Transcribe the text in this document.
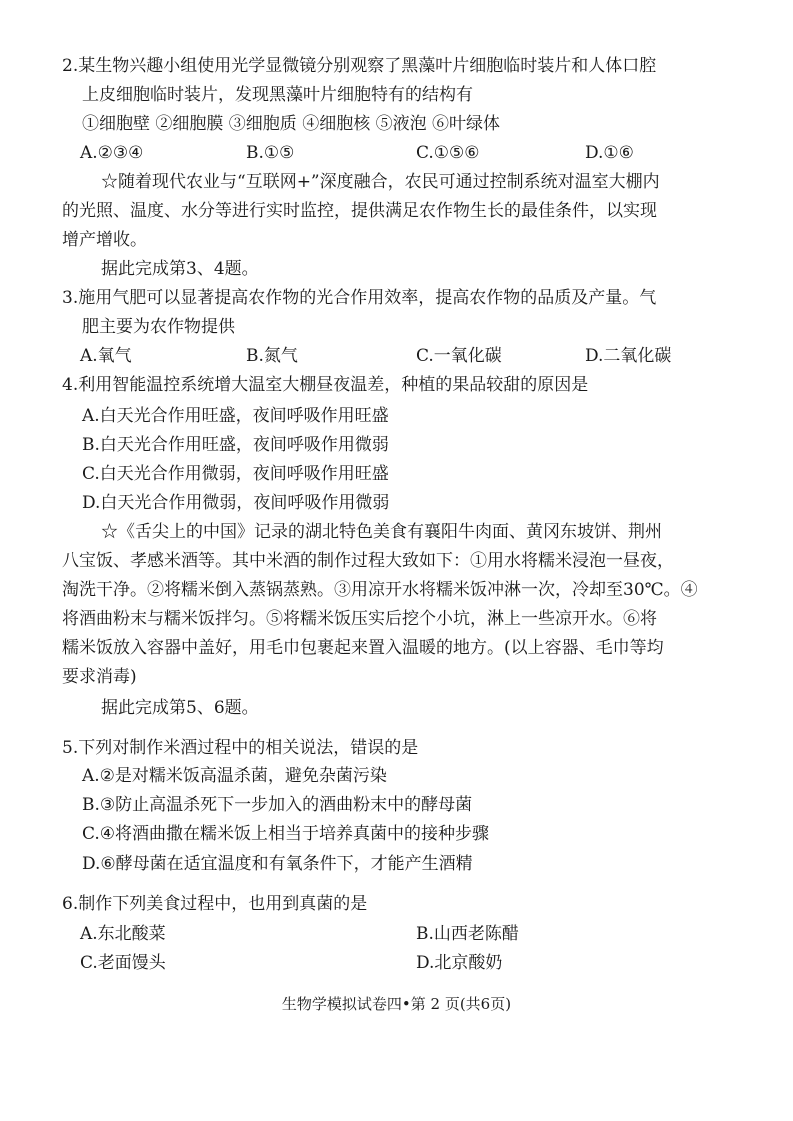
2.某生物兴趣小组使用光学显微镜分别观察了黑藻叶片细胞临时装片和人体口腔
上皮细胞临时装片，发现黑藻叶片细胞特有的结构有
①细胞壁 ②细胞膜 ③细胞质 ④细胞核 ⑤液泡 ⑥叶绿体
A.②③④	B.①⑤	C.①⑤⑥	D.①⑥
☆随着现代农业与“互联网+”深度融合，农民可通过控制系统对温室大棚内
的光照、温度、水分等进行实时监控，提供满足农作物生长的最佳条件，以实现
增产增收。
据此完成第3、4题。
3.施用气肥可以显著提高农作物的光合作用效率，提高农作物的品质及产量。气
肥主要为农作物提供
A.氧气	B.氮气	C.一氧化碳	D.二氧化碳
4.利用智能温控系统增大温室大棚昼夜温差，种植的果品较甜的原因是
A.白天光合作用旺盛，夜间呼吸作用旺盛
B.白天光合作用旺盛，夜间呼吸作用微弱
C.白天光合作用微弱，夜间呼吸作用旺盛
D.白天光合作用微弱，夜间呼吸作用微弱
☆《舌尖上的中国》记录的湖北特色美食有襄阳牛肉面、黄冈东坡饼、荆州
八宝饭、孝感米酒等。其中米酒的制作过程大致如下：①用水将糯米浸泡一昼夜，
淘洗干净。②将糯米倒入蒸锅蒸熟。③用凉开水将糯米饭冲淋一次，冷却至30℃。④
将酒曲粉末与糯米饭拌匀。⑤将糯米饭压实后挖个小坑，淋上一些凉开水。⑥将
糯米饭放入容器中盖好，用毛巾包裹起来置入温暖的地方。(以上容器、毛巾等均
要求消毒)
据此完成第5、6题。
5.下列对制作米酒过程中的相关说法，错误的是
A.②是对糯米饭高温杀菌，避免杂菌污染
B.③防止高温杀死下一步加入的酒曲粉末中的酵母菌
C.④将酒曲撒在糯米饭上相当于培养真菌中的接种步骤
D.⑥酵母菌在适宜温度和有氧条件下，才能产生酒精
6.制作下列美食过程中，也用到真菌的是
A.东北酸菜	B.山西老陈醋
C.老面馒头	D.北京酸奶
生物学模拟试卷四•第 2 页(共6页)
